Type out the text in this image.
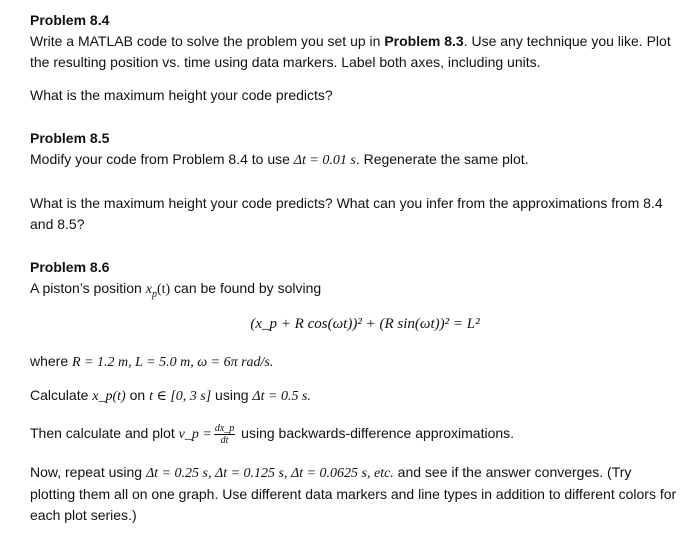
Problem 8.4

Write a MATLAB code to solve the problem you set up in Problem 8.3. Use any technique you like. Plot the resulting position vs. time using data markers. Label both axes, including units.

What is the maximum height your code predicts?

Problem 8.5

Modify your code from Problem 8.4 to use Δt = 0.01 s. Regenerate the same plot.

What is the maximum height your code predicts? What can you infer from the approximations from 8.4 and 8.5?

Problem 8.6

A piston’s position $x_p(t)$ can be found by solving

(x_p + R cos(ωt))² + (R sin(ωt))² = L²

where R = 1.2 m, L = 5.0 m, ω = 6π rad/s.

Calculate x_p(t) on t ∈ [0, 3 s] using Δt = 0.5 s.

Then calculate and plot v_p = $\frac{dx\_p}{dt}$ using backwards-difference approximations.

Now, repeat using Δt = 0.25 s, Δt = 0.125 s, Δt = 0.0625 s, etc. and see if the answer converges. (Try plotting them all on one graph. Use different data markers and line types in addition to different colors for each plot series.)
